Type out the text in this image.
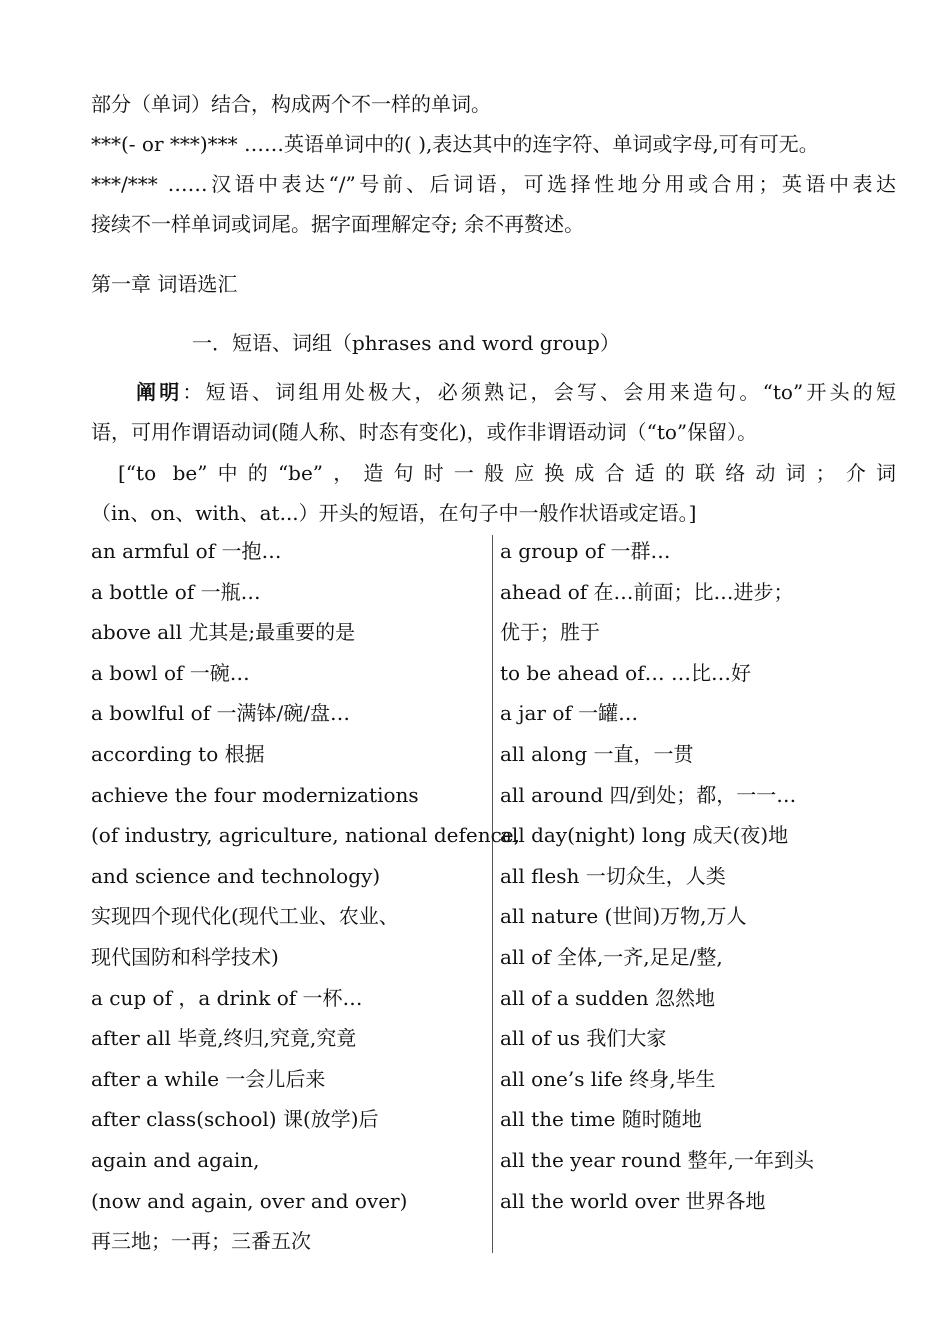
部分（单词）结合，构成两个不一样的单词。
***(- or ***)*** ……英语单词中的( ),表达其中的连字符、单词或字母,可有可无。
***/*** ……汉语中表达“/”号前、后词语，可选择性地分用或合用；英语中表达
接续不一样单词或词尾。据字面理解定夺; 余不再赘述。
第一章 词语选汇
一．短语、词组（phrases and word group）
阐明：短语、词组用处极大，必须熟记，会写、会用来造句。“to”开头的短
语，可用作谓语动词(随人称、时态有变化)，或作非谓语动词（“to”保留）。
[“to be”中的“be”，造句时一般应换成合适的联络动词；介词
（in、on、with、at...）开头的短语，在句子中一般作状语或定语。]
an armful of 一抱…
a bottle of 一瓶…
above all 尤其是;最重要的是
a bowl of 一碗…
a bowlful of 一满钵/碗/盘…
according to 根据
achieve the four modernizations
(of industry, agriculture, national defence,
and science and technology)
实现四个现代化(现代工业、农业、
现代国防和科学技术)
a cup of ，a drink of 一杯…
after all 毕竟,终归,究竟,究竟
after a while 一会儿后来
after class(school) 课(放学)后
again and again,
(now and again, over and over)
再三地；一再；三番五次
a group of 一群…
ahead of 在…前面；比…进步；
优于；胜于
to be ahead of… …比…好
a jar of 一罐…
all along 一直，一贯
all around 四/到处；都，一一…
all day(night) long 成天(夜)地
all flesh 一切众生，人类
all nature (世间)万物,万人
all of 全体,一齐,足足/整,
all of a sudden 忽然地
all of us 我们大家
all one’s life 终身,毕生
all the time 随时随地
all the year round 整年,一年到头
all the world over 世界各地
